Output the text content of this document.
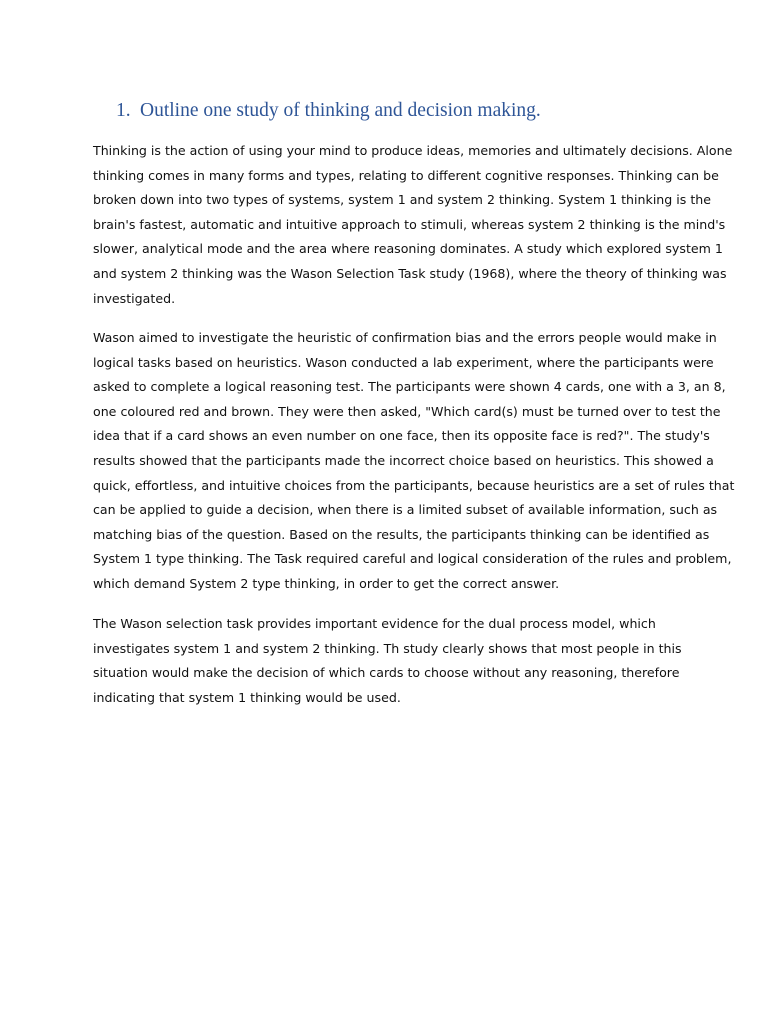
1. Outline one study of thinking and decision making.

Thinking is the action of using your mind to produce ideas, memories and ultimately decisions. Alone
thinking comes in many forms and types, relating to different cognitive responses. Thinking can be
broken down into two types of systems, system 1 and system 2 thinking. System 1 thinking is the
brain's fastest, automatic and intuitive approach to stimuli, whereas system 2 thinking is the mind's
slower, analytical mode and the area where reasoning dominates. A study which explored system 1
and system 2 thinking was the Wason Selection Task study (1968), where the theory of thinking was
investigated.

Wason aimed to investigate the heuristic of confirmation bias and the errors people would make in
logical tasks based on heuristics. Wason conducted a lab experiment, where the participants were
asked to complete a logical reasoning test. The participants were shown 4 cards, one with a 3, an 8,
one coloured red and brown. They were then asked, "Which card(s) must be turned over to test the
idea that if a card shows an even number on one face, then its opposite face is red?". The study's
results showed that the participants made the incorrect choice based on heuristics. This showed a
quick, effortless, and intuitive choices from the participants, because heuristics are a set of rules that
can be applied to guide a decision, when there is a limited subset of available information, such as
matching bias of the question. Based on the results, the participants thinking can be identified as
System 1 type thinking. The Task required careful and logical consideration of the rules and problem,
which demand System 2 type thinking, in order to get the correct answer.

The Wason selection task provides important evidence for the dual process model, which
investigates system 1 and system 2 thinking. Th study clearly shows that most people in this
situation would make the decision of which cards to choose without any reasoning, therefore
indicating that system 1 thinking would be used.
